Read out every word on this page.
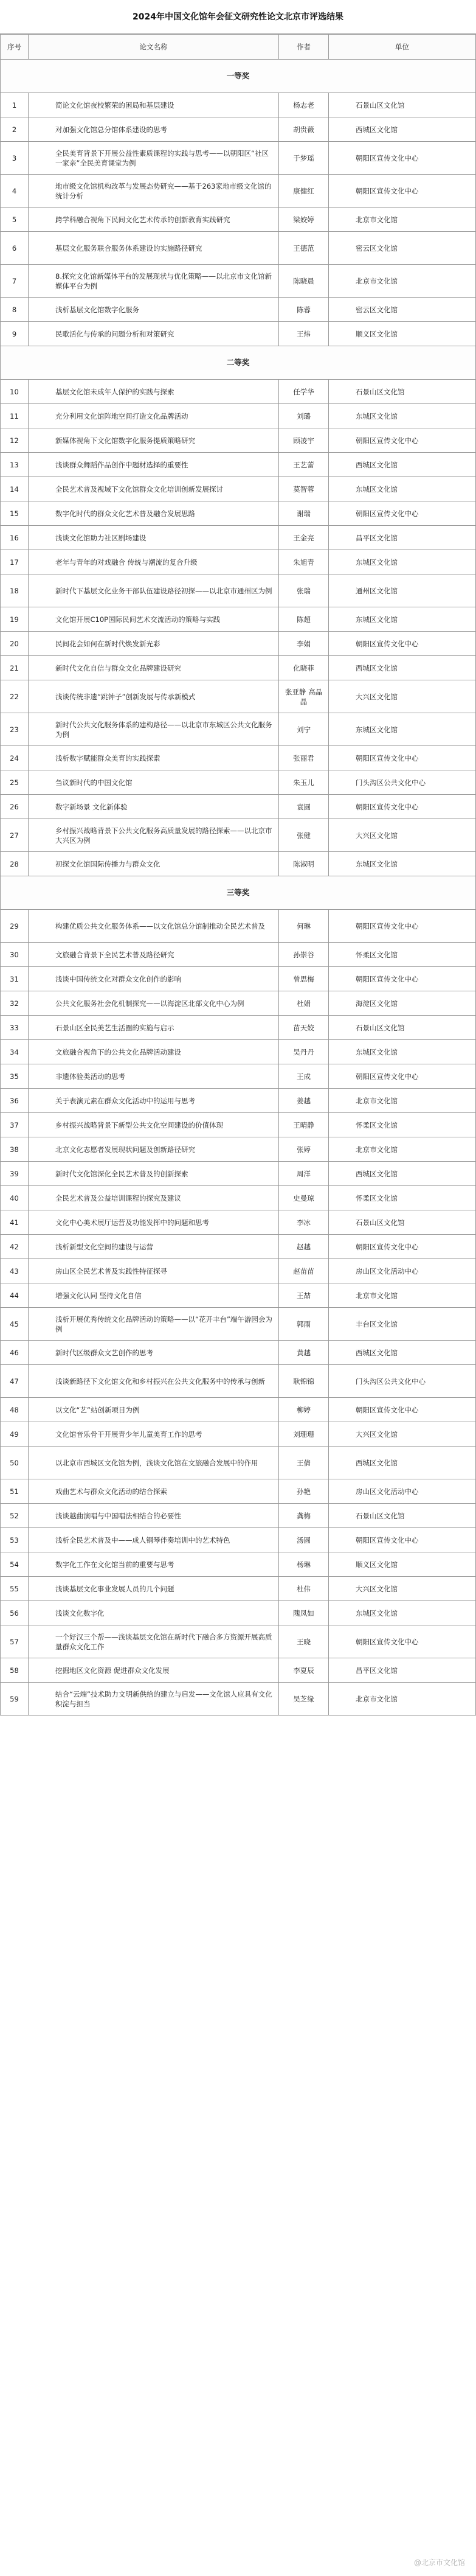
2024年中国文化馆年会征文研究性论文北京市评选结果
序号	论文名称	作者	单位
一等奖			
1	简论文化馆夜校繁荣的困局和基层建设	杨志老	石景山区文化馆
2	对加强文化馆总分馆体系建设的思考	胡贵薇	西城区文化馆
3	全民美育背景下开展公益性素质课程的实践与思考——以朝阳区“社区一家亲”全民美育课堂为例	于梦瑶	朝阳区宣传文化中心
4	地市级文化馆机构改革与发展态势研究——基于263家地市级文化馆的统计分析	康健红	朝阳区宣传文化中心
5	跨学科融合视角下民间文化艺术传承的创新教育实践研究	梁姣婷	北京市文化馆
6	基层文化服务联合服务体系建设的实施路径研究	王德范	密云区文化馆
7	8.探究文化馆新媒体平台的发展现状与优化策略——以北京市文化馆新媒体平台为例	陈晓晨	北京市文化馆
8	浅析基层文化馆数字化服务	陈蓉	密云区文化馆
9	民歌活化与传承的问题分析和对策研究	王炜	顺义区文化馆
二等奖			
10	基层文化馆未成年人保护的实践与探索	任学华	石景山区文化馆
11	充分利用文化馆阵地空间打造文化品牌活动	刘璐	东城区文化馆
12	新媒体视角下文化馆数字化服务提质策略研究	顾凌宇	朝阳区宣传文化中心
13	浅谈群众舞蹈作品创作中题材选择的重要性	王艺蕾	西城区文化馆
14	全民艺术普及视域下文化馆群众文化培训创新发展探讨	莫智蓉	东城区文化馆
15	数字化时代的群众文化艺术普及融合发展思路	谢瑞	朝阳区宣传文化中心
16	浅谈文化馆助力社区剧场建设	王金亮	昌平区文化馆
17	老年与青年的对戏融合 传统与潮流的复合升级	朱旭青	东城区文化馆
18	新时代下基层文化业务干部队伍建设路径初探——以北京市通州区为例	张瑞	通州区文化馆
19	文化馆开展C10P国际民间艺术交流活动的策略与实践	陈超	东城区文化馆
20	民间花会如何在新时代焕发新光彩	李娟	朝阳区宣传文化中心
21	新时代文化自信与群众文化品牌建设研究	化晓菲	西城区文化馆
22	浅谈传统非遗“跳钟子”创新发展与传承新模式	张亚静 高晶晶	大兴区文化馆
23	新时代公共文化服务体系的建构路径——以北京市东城区公共文化服务为例	刘宁	东城区文化馆
24	浅析数字赋能群众美育的实践探索	张丽君	朝阳区宣传文化中心
25	刍议新时代的中国文化馆	朱玉儿	门头沟区公共文化中心
26	数字新场景 文化新体验	袁圆	朝阳区宣传文化中心
27	乡村振兴战略背景下公共文化服务高质量发展的路径探索——以北京市大兴区为例	张健	大兴区文化馆
28	初探文化馆国际传播力与群众文化	陈淑明	东城区文化馆
三等奖			
29	构建优质公共文化服务体系——以文化馆总分馆制推动全民艺术普及	何琳	朝阳区宣传文化中心
30	文旅融合背景下全民艺术普及路径研究	孙崇谷	怀柔区文化馆
31	浅谈中国传统文化对群众文化创作的影响	曾思梅	朝阳区宣传文化中心
32	公共文化服务社会化机制探究——以海淀区北部文化中心为例	杜娟	海淀区文化馆
33	石景山区全民美艺生活圈的实施与启示	苗天姣	石景山区文化馆
34	文旅融合视角下的公共文化品牌活动建设	吴丹丹	东城区文化馆
35	非遗体验类活动的思考	王成	朝阳区宣传文化中心
36	关于表演元素在群众文化活动中的运用与思考	姜越	北京市文化馆
37	乡村振兴战略背景下新型公共文化空间建设的价值体现	王晴静	怀柔区文化馆
38	北京文化志愿者发展现状问题及创新路径研究	张婷	北京市文化馆
39	新时代文化馆深化全民艺术普及的创新探索	周洋	西城区文化馆
40	全民艺术普及公益培训课程的探究及建议	史曼琼	怀柔区文化馆
41	文化中心美术展厅运营及功能发挥中的问题和思考	李冰	石景山区文化馆
42	浅析新型文化空间的建设与运营	赵越	朝阳区宣传文化中心
43	房山区全民艺术普及实践性特征探寻	赵苗苗	房山区文化活动中心
44	增强文化认同 坚持文化自信	王喆	北京市文化馆
45	浅析开展优秀传统文化品牌活动的策略——以“花开丰台”端午游园会为例	郭雨	丰台区文化馆
46	新时代区级群众文艺创作的思考	黄越	西城区文化馆
47	浅谈新路径下文化馆文化和乡村振兴在公共文化服务中的传承与创新	耿锦锦	门头沟区公共文化中心
48	以文化“艺”站创新项目为例	柳婷	朝阳区宣传文化中心
49	文化馆音乐骨干开展青少年儿童美育工作的思考	刘珊珊	大兴区文化馆
50	以北京市西城区文化馆为例，浅谈文化馆在文旅融合发展中的作用	王倩	西城区文化馆
51	戏曲艺术与群众文化活动的结合探索	孙艳	房山区文化活动中心
52	浅谈越曲演唱与中国唱法相结合的必要性	龚梅	石景山区文化馆
53	浅析全民艺术普及中——成人钢琴伴奏培训中的艺术特色	汤圆	朝阳区宣传文化中心
54	数字化工作在文化馆当前的重要与思考	杨琳	顺义区文化馆
55	浅谈基层文化事业发展人员的几个问题	杜伟	大兴区文化馆
56	浅谈文化数字化	隗凤如	东城区文化馆
57	一个好汉三个帮——浅谈基层文化馆在新时代下融合多方资源开展高质量群众文化工作	王晓	朝阳区宣传文化中心
58	挖掘地区文化资源 促进群众文化发展	李夏辰	昌平区文化馆
59	结合“云端”技术助力文明新供给的建立与启发——文化馆人应具有文化积淀与担当	吴芝缘	北京市文化馆
@北京市文化馆
